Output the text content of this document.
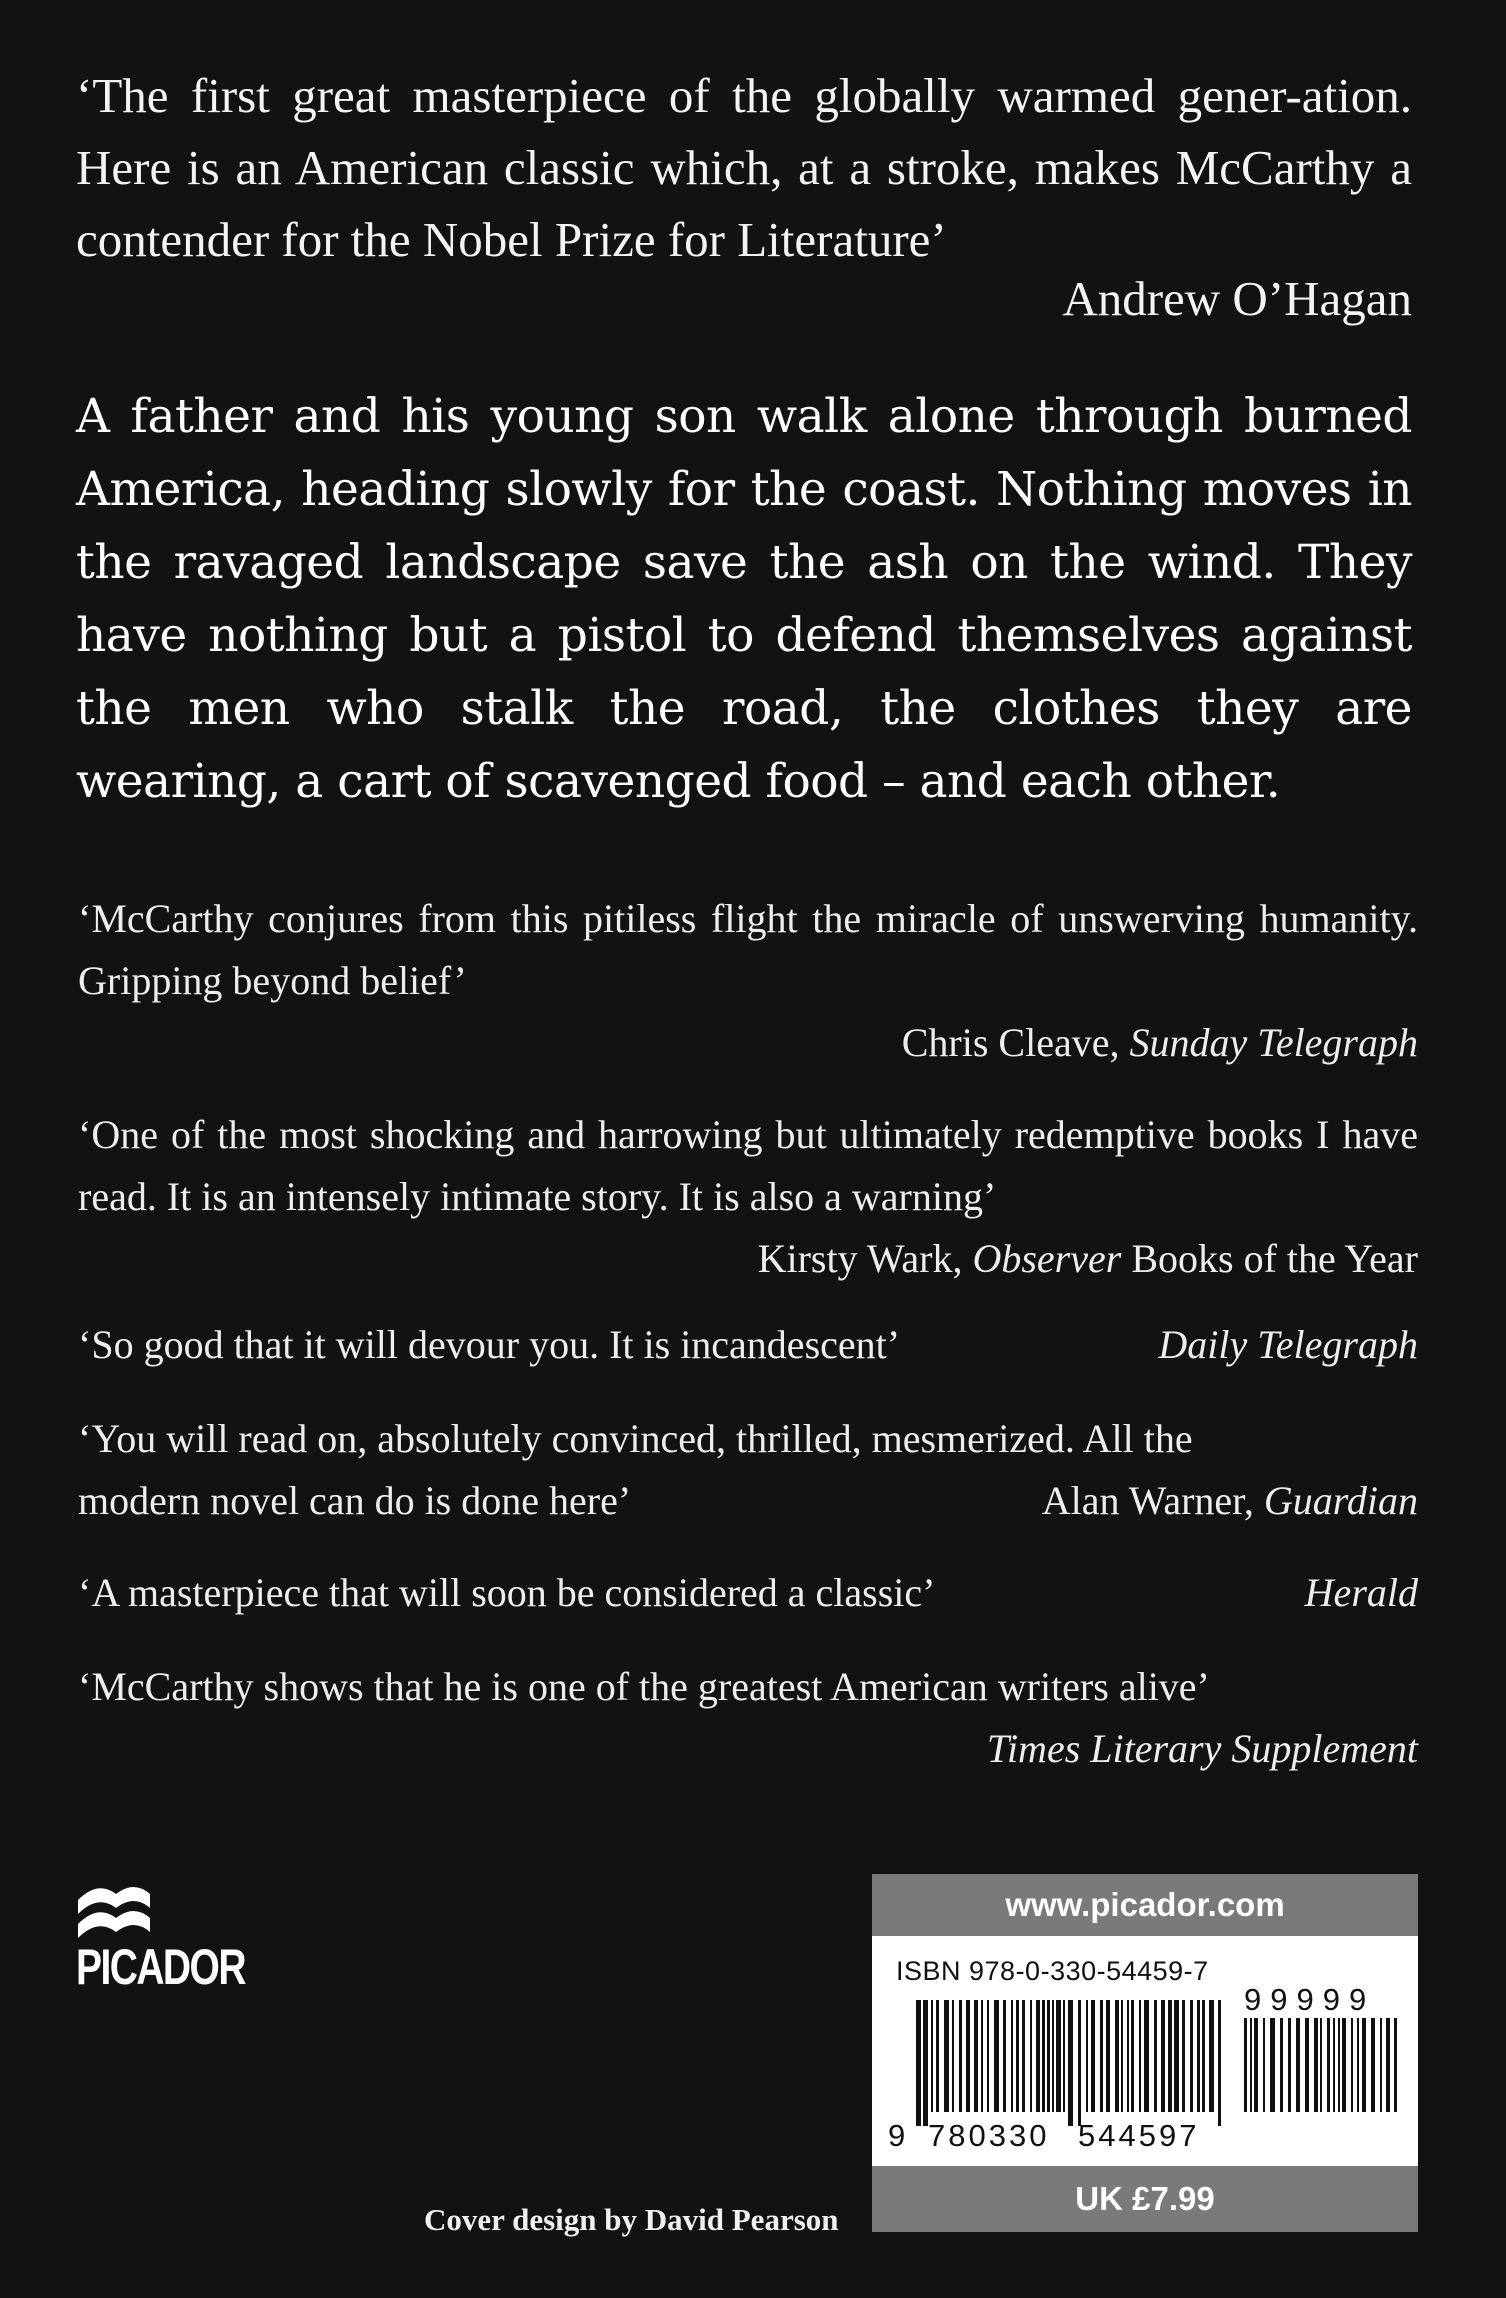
‘The first great masterpiece of the globally warmed gener-ation. Here is an American classic which, at a stroke, makes McCarthy a contender for the Nobel Prize for Literature’
Andrew O’Hagan
A father and his young son walk alone through burned America, heading slowly for the coast. Nothing moves in the ravaged landscape save the ash on the wind. They have nothing but a pistol to defend themselves against the men who stalk the road, the clothes they are wearing, a cart of scavenged food – and each other.
‘McCarthy conjures from this pitiless flight the miracle of unswerving humanity. Gripping beyond belief’
Chris Cleave, Sunday Telegraph
‘One of the most shocking and harrowing but ultimately redemptive books I have read. It is an intensely intimate story. It is also a warning’
Kirsty Wark, Observer Books of the Year
‘So good that it will devour you. It is incandescent’	Daily Telegraph
‘You will read on, absolutely convinced, thrilled, mesmerized. All the
modern novel can do is done here’	Alan Warner, Guardian
‘A masterpiece that will soon be considered a classic’	Herald
‘McCarthy shows that he is one of the greatest American writers alive’
Times Literary Supplement
PICADOR
Cover design by David Pearson
www.picador.com
ISBN 978-0-330-54459-7
99999
9 780330 544597
UK £7.99
